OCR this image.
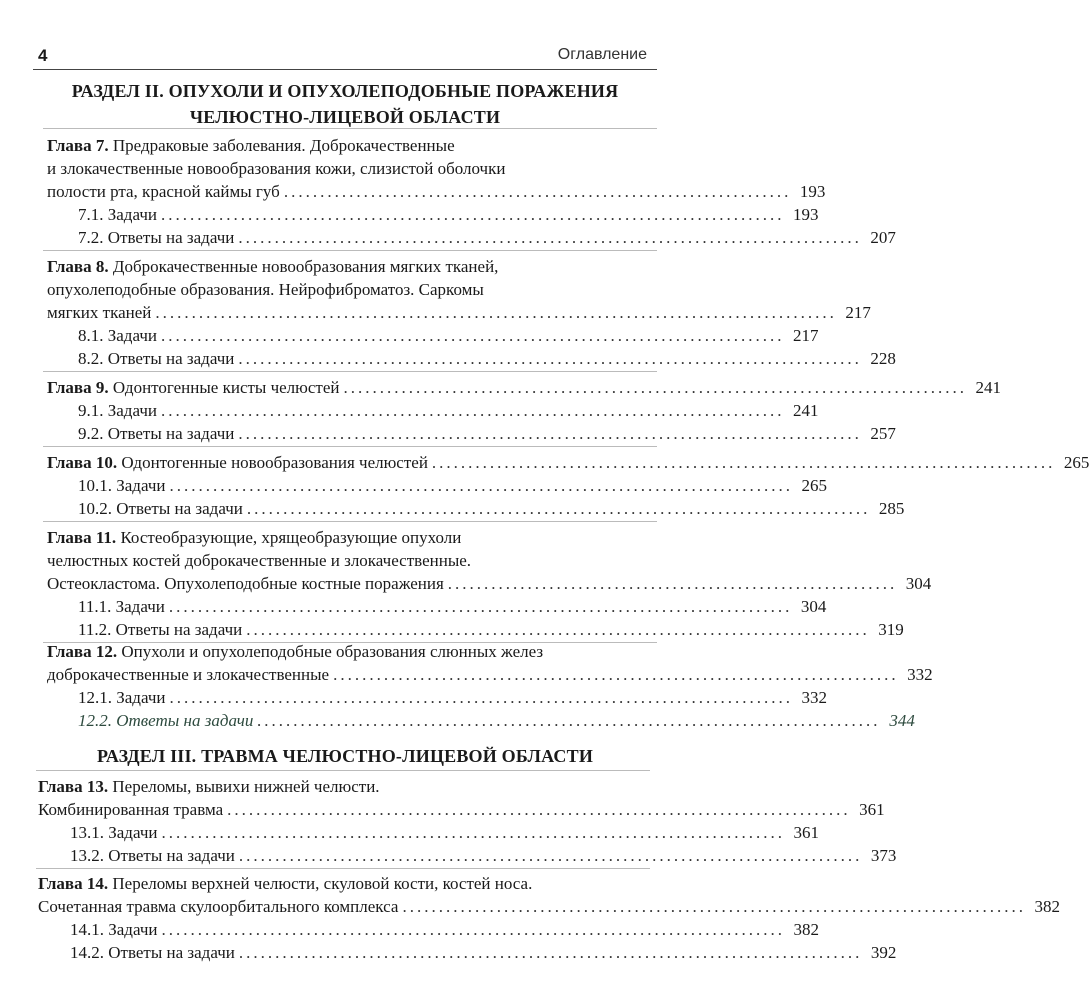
4	Оглавление
РАЗДЕЛ II. ОПУХОЛИ И ОПУХОЛЕПОДОБНЫЕ ПОРАЖЕНИЯ
ЧЕЛЮСТНО-ЛИЦЕВОЙ ОБЛАСТИ
Глава 7. Предраковые заболевания. Доброкачественные
и злокачественные новообразования кожи, слизистой оболочки
полости рта, красной каймы губ ...................................................................... 193
7.1. Задачи ...................................................................................... 193
7.2. Ответы на задачи ...................................................................................... 207
Глава 8. Доброкачественные новообразования мягких тканей,
опухолеподобные образования. Нейрофиброматоз. Саркомы
мягких тканей .............................................................................................. 217
8.1. Задачи ...................................................................................... 217
8.2. Ответы на задачи ...................................................................................... 228
Глава 9.
Одонтогенные кисты челюстей ...................................................................................... 241
9.1. Задачи ...................................................................................... 241
9.2. Ответы на задачи ...................................................................................... 257
Глава 10.
Одонтогенные новообразования челюстей ...................................................................................... 265
10.1. Задачи ...................................................................................... 265
10.2. Ответы на задачи ...................................................................................... 285
Глава 11. Костеобразующие, хрящеобразующие опухоли
челюстных костей доброкачественные и злокачественные.
Остеокластома. Опухолеподобные костные поражения .............................................................. 304
11.1. Задачи ...................................................................................... 304
11.2. Ответы на задачи ...................................................................................... 319
Глава 12. Опухоли и опухолеподобные образования слюнных желез
доброкачественные и злокачественные .............................................................................. 332
12.1. Задачи ...................................................................................... 332
12.2. Ответы на задачи ...................................................................................... 344
РАЗДЕЛ III. ТРАВМА ЧЕЛЮСТНО-ЛИЦЕВОЙ ОБЛАСТИ
Глава 13. Переломы, вывихи нижней челюсти.
Комбинированная травма ...................................................................................... 361
13.1. Задачи ...................................................................................... 361
13.2. Ответы на задачи ...................................................................................... 373
Глава 14. Переломы верхней челюсти, скуловой кости, костей носа.
Сочетанная травма скулоорбитального комплекса ...................................................................................... 382
14.1. Задачи ...................................................................................... 382
14.2. Ответы на задачи ...................................................................................... 392
